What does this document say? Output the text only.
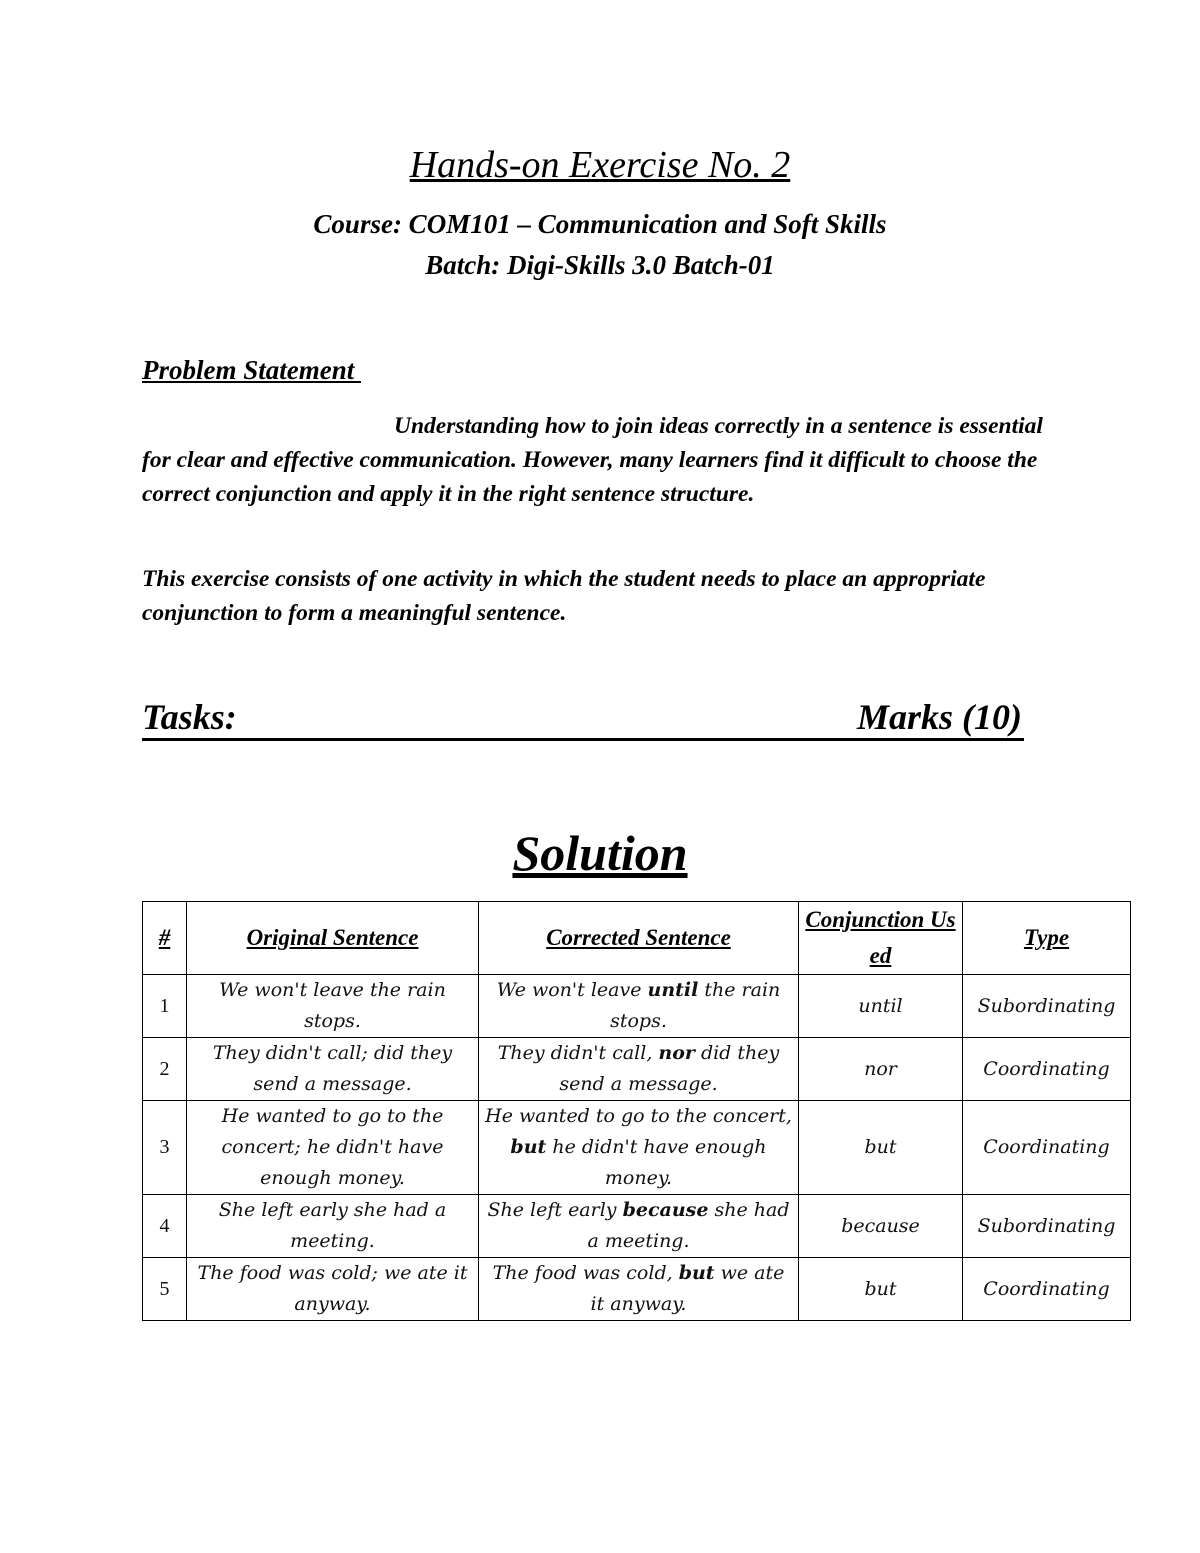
Hands-on Exercise No. 2
Course: COM101 – Communication and Soft Skills
Batch: Digi-Skills 3.0 Batch-01
Problem Statement

Understanding how to join ideas correctly in a sentence is essential for clear and effective communication. However, many learners find it difficult to choose the correct conjunction and apply it in the right sentence structure.

This exercise consists of one activity in which the student needs to place an appropriate conjunction to form a meaningful sentence.

Tasks:	Marks (10)
Solution
#	Original Sentence	Corrected Sentence	Conjunction Used	Type
1	We won't leave the rain stops.	We won't leave until the rain stops.	until	Subordinating
2	They didn't call; did they send a message.	They didn't call, nor did they send a message.	nor	Coordinating
3	He wanted to go to the concert; he didn't have enough money.	He wanted to go to the concert, but he didn't have enough money.	but	Coordinating
4	She left early she had a meeting.	She left early because she had a meeting.	because	Subordinating
5	The food was cold; we ate it anyway.	The food was cold, but we ate it anyway.	but	Coordinating
